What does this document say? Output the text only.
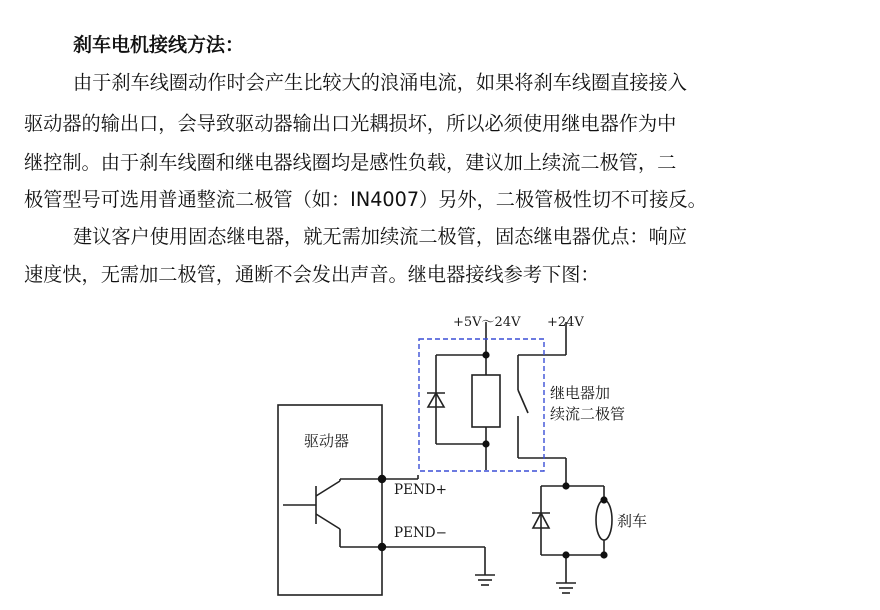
刹车电机接线方法：
由于刹车线圈动作时会产生比较大的浪涌电流，如果将刹车线圈直接接入
驱动器的输出口，会导致驱动器输出口光耦损坏，所以必须使用继电器作为中
继控制。由于刹车线圈和继电器线圈均是感性负载，建议加上续流二极管，二
极管型号可选用普通整流二极管（如：IN4007）另外，二极管极性切不可接反。
建议客户使用固态继电器，就无需加续流二极管，固态继电器优点：响应
速度快，无需加二极管，通断不会发出声音。继电器接线参考下图：
+5V～24V +24V
继电器加
续流二极管
驱动器
PEND+
PEND−
刹车
